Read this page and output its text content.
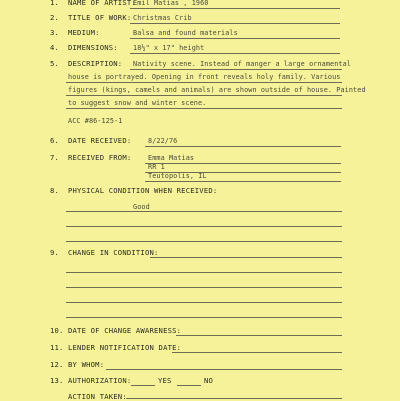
1. NAME OF ARTIST:
Emil Matias , 1960
2. TITLE OF WORK: Christmas Crib
3. MEDIUM:	Balsa and found materials
4. DIMENSIONS: 18½" x 17" height
5. DESCRIPTION: Nativity scene. Instead of manger a large ornamental
house is portrayed. Opening in front reveals holy family. Various
figures (kings, camels and animals) are shown outside of house. Painted
to suggest snow and winter scene.
ACC #86-125-1
6. DATE RECEIVED: 8/22/76
7. RECEIVED FROM: Emma Matias
RR 1
Teutopolis, IL
8. PHYSICAL CONDITION WHEN RECEIVED:
Good
9. CHANGE IN CONDITION:
10. DATE OF CHANGE AWARENESS:
11. LENDER NOTIFICATION DATE:
12. BY WHOM:
13. AUTHORIZATION:	YES	NO
ACTION TAKEN:
